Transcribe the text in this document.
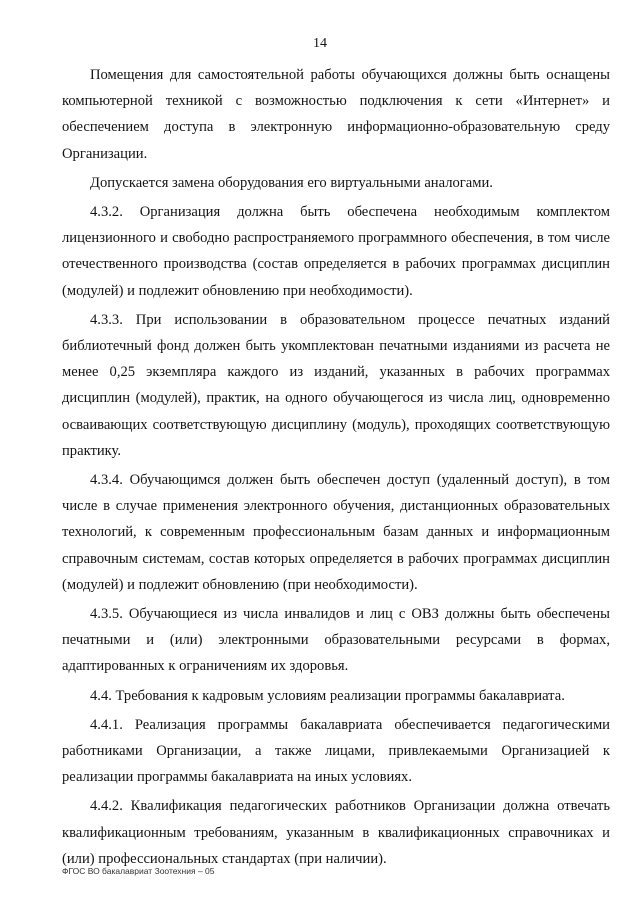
14

Помещения для самостоятельной работы обучающихся должны быть оснащены компьютерной техникой с возможностью подключения к сети «Интернет» и обеспечением доступа в электронную информационно-образовательную среду Организации.

Допускается замена оборудования его виртуальными аналогами.

4.3.2. Организация должна быть обеспечена необходимым комплектом лицензионного и свободно распространяемого программного обеспечения, в том числе отечественного производства (состав определяется в рабочих программах дисциплин (модулей) и подлежит обновлению при необходимости).

4.3.3. При использовании в образовательном процессе печатных изданий библиотечный фонд должен быть укомплектован печатными изданиями из расчета не менее 0,25 экземпляра каждого из изданий, указанных в рабочих программах дисциплин (модулей), практик, на одного обучающегося из числа лиц, одновременно осваивающих соответствующую дисциплину (модуль), проходящих соответствующую практику.

4.3.4. Обучающимся должен быть обеспечен доступ (удаленный доступ), в том числе в случае применения электронного обучения, дистанционных образовательных технологий, к современным профессиональным базам данных и информационным справочным системам, состав которых определяется в рабочих программах дисциплин (модулей) и подлежит обновлению (при необходимости).

4.3.5. Обучающиеся из числа инвалидов и лиц с ОВЗ должны быть обеспечены печатными и (или) электронными образовательными ресурсами в формах, адаптированных к ограничениям их здоровья.

4.4. Требования к кадровым условиям реализации программы бакалавриата.

4.4.1. Реализация программы бакалавриата обеспечивается педагогическими работниками Организации, а также лицами, привлекаемыми Организацией к реализации программы бакалавриата на иных условиях.

4.4.2. Квалификация педагогических работников Организации должна отвечать квалификационным требованиям, указанным в квалификационных справочниках и (или) профессиональных стандартах (при наличии).

ФГОС ВО бакалавриат Зоотехния – 05
